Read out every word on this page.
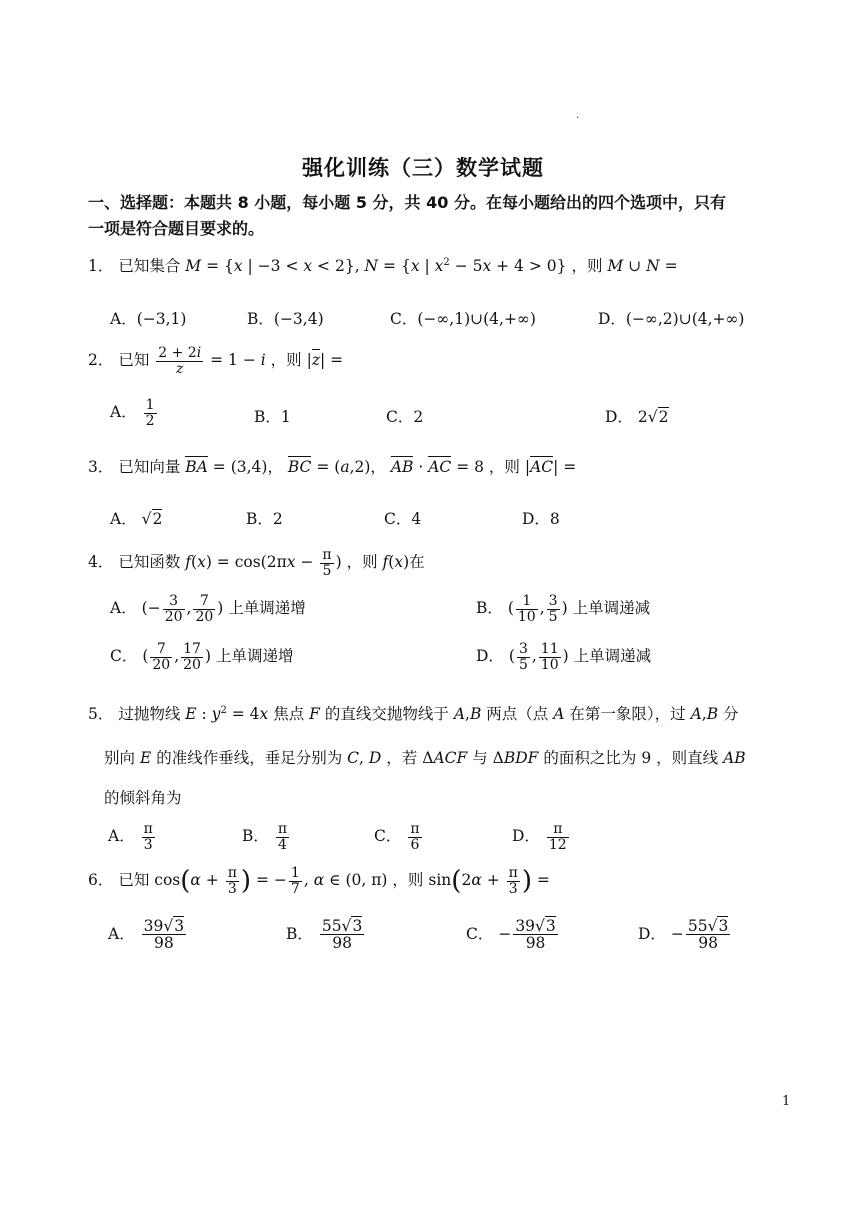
.
强化训练（三）数学试题
一、选择题：本题共 8 小题，每小题 5 分，共 40 分。在每小题给出的四个选项中，只有
一项是符合题目要求的。
1． 已知集合 M = {x | −3 < x < 2}, N = {x | $x^2 - 5x + 4 > 0$} ，则 M ∪ N =
A．(−3,1)	B．(−3,4)	C．(−∞,1)∪(4,+∞)	D．(−∞,2)∪(4,+∞)
2． 已知 $\frac{2 + 2i}{z} = 1 - i$ ，则 |z| =
A． $\frac{1}{2}$	B．1	C．2	D． 2√2
3． 已知向量 BA = (3,4)， BC = (a,2)， AB · AC = 8 ，则 |AC| =
A． √2	B．2	C．4	D．8
4． 已知函数 $f(x) = \cos(2\pi x - \frac{\pi}{5}$ ) ，则 f(x)在
A． (− $\frac{3}{20}$ , $\frac{7}{20}$ ) 上单调递增	B． ( $\frac{1}{10}$ , $\frac{3}{5}$ ) 上单调递减
C． ( $\frac{7}{20}$ , $\frac{17}{20}$ ) 上单调递增	D． ( $\frac{3}{5}$ , $\frac{11}{10}$ ) 上单调递减
5． 过抛物线 E : $y^2 = 4x$ 焦点 F 的直线交抛物线于 A,B 两点（点 A 在第一象限），过 A,B 分
别向 E 的准线作垂线，垂足分别为 C, D ，若 ΔACF 与 ΔBDF 的面积之比为 9 ，则直线 AB
的倾斜角为
A． $\frac{\pi}{3}$	B． $\frac{\pi}{4}$	C． $\frac{\pi}{6}$	D． $\frac{\pi}{12}$
6． 已知 $\cos(\alpha + \frac{\pi}{3}$ ) = − $\frac{1}{7}$ , α ∈ (0, π) ，则 $\sin(2\alpha + \frac{\pi}{3}$ ) =
A． $\frac{39√3}{98}$	B． $\frac{55√3}{98}$	C． − $\frac{39√3}{98}$	D． − $\frac{55√3}{98}$
1
